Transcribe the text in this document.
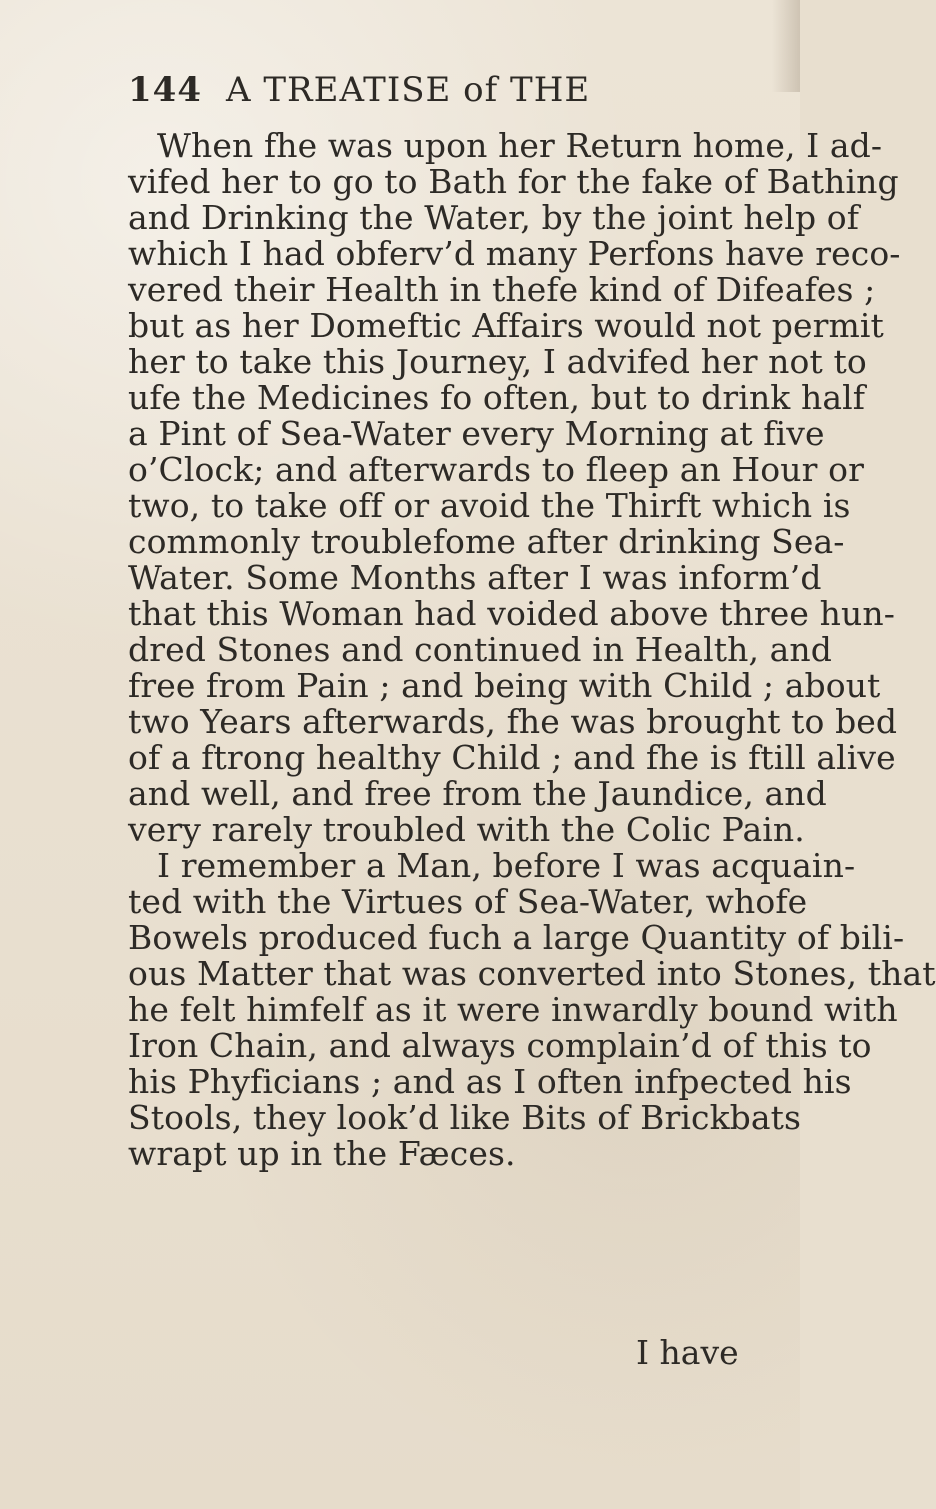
144 A TREATISE of THE

When fhe was upon her Return home, I ad-

vifed her to go to Bath for the fake of Bathing

and Drinking the Water, by the joint help of

which I had obferv’d many Perfons have reco-

vered their Health in thefe kind of Difeafes ;

but as her Domeftic Affairs would not permit

her to take this Journey, I advifed her not to

ufe the Medicines fo often, but to drink half

a Pint of Sea-Water every Morning at five

o’Clock; and afterwards to fleep an Hour or

two, to take off or avoid the Thirft which is

commonly troublefome after drinking Sea-

Water. Some Months after I was inform’d

that this Woman had voided above three hun-

dred Stones and continued in Health, and

free from Pain ; and being with Child ; about

two Years afterwards, fhe was brought to bed

of a ftrong healthy Child ; and fhe is ftill alive

and well, and free from the Jaundice, and

very rarely troubled with the Colic Pain.

I remember a Man, before I was acquain-

ted with the Virtues of Sea-Water, whofe

Bowels produced fuch a large Quantity of bili-

ous Matter that was converted into Stones, that

he felt himfelf as it were inwardly bound with

Iron Chain, and always complain’d of this to

his Phyficians ; and as I often infpected his

Stools, they look’d like Bits of Brickbats

wrapt up in the Fæces.

I have
